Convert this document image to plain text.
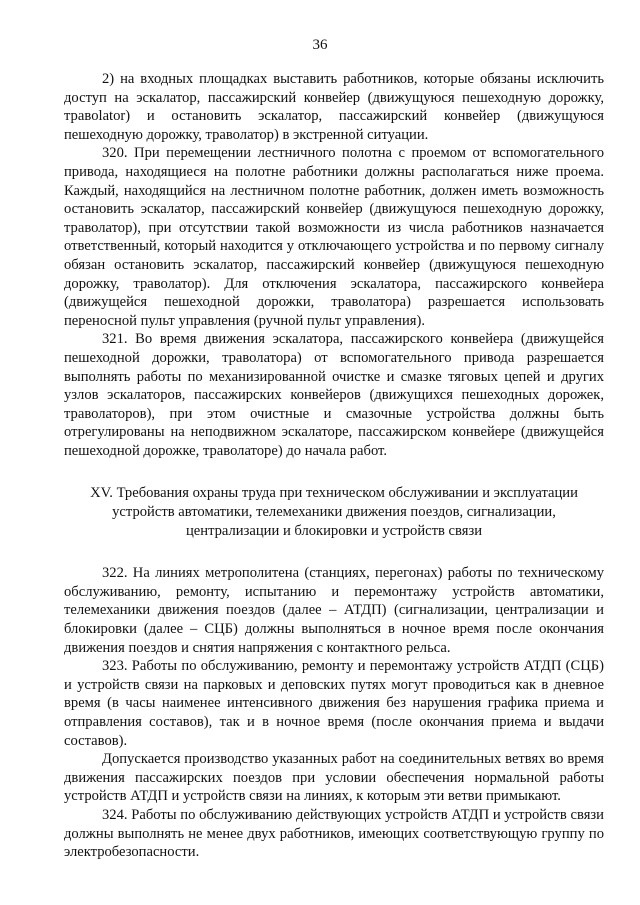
36

2) на входных площадках выставить работников, которые обязаны исключить доступ на эскалатор, пассажирский конвейер (движущуюся пешеходную дорожку, травolator) и остановить эскалатор, пассажирский конвейер (движущуюся пешеходную дорожку, траволатор) в экстренной ситуации.

320. При перемещении лестничного полотна с проемом от вспомогательного привода, находящиеся на полотне работники должны располагаться ниже проема. Каждый, находящийся на лестничном полотне работник, должен иметь возможность остановить эскалатор, пассажирский конвейер (движущуюся пешеходную дорожку, траволатор), при отсутствии такой возможности из числа работников назначается ответственный, который находится у отключающего устройства и по первому сигналу обязан остановить эскалатор, пассажирский конвейер (движущуюся пешеходную дорожку, траволатор). Для отключения эскалатора, пассажирского конвейера (движущейся пешеходной дорожки, траволатора) разрешается использовать переносной пульт управления (ручной пульт управления).

321. Во время движения эскалатора, пассажирского конвейера (движущейся пешеходной дорожки, траволатора) от вспомогательного привода разрешается выполнять работы по механизированной очистке и смазке тяговых цепей и других узлов эскалаторов, пассажирских конвейеров (движущихся пешеходных дорожек, траволаторов), при этом очистные и смазочные устройства должны быть отрегулированы на неподвижном эскалаторе, пассажирском конвейере (движущейся пешеходной дорожке, траволаторе) до начала работ.

XV. Требования охраны труда при техническом обслуживании и эксплуатации
устройств автоматики, телемеханики движения поездов, сигнализации,
централизации и блокировки и устройств связи

322. На линиях метрополитена (станциях, перегонах) работы по техническому обслуживанию, ремонту, испытанию и перемонтажу устройств автоматики, телемеханики движения поездов (далее – АТДП) (сигнализации, централизации и блокировки (далее – СЦБ) должны выполняться в ночное время после окончания движения поездов и снятия напряжения с контактного рельса.

323. Работы по обслуживанию, ремонту и перемонтажу устройств АТДП (СЦБ) и устройств связи на парковых и деповских путях могут проводиться как в дневное время (в часы наименее интенсивного движения без нарушения графика приема и отправления составов), так и в ночное время (после окончания приема и выдачи составов).

Допускается производство указанных работ на соединительных ветвях во время движения пассажирских поездов при условии обеспечения нормальной работы устройств АТДП и устройств связи на линиях, к которым эти ветви примыкают.

324. Работы по обслуживанию действующих устройств АТДП и устройств связи должны выполнять не менее двух работников, имеющих соответствующую группу по электробезопасности.
